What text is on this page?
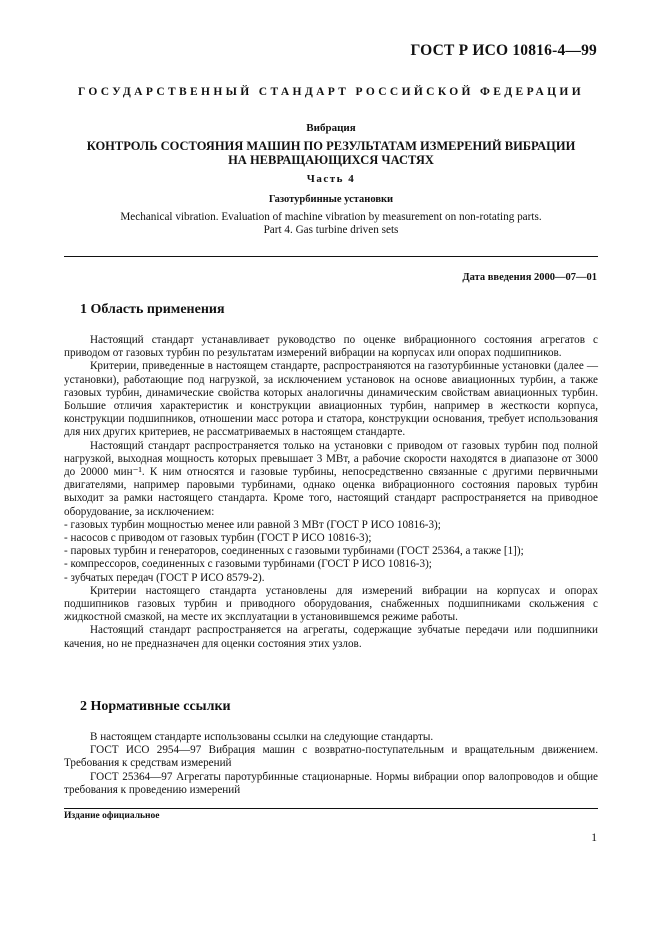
ГОСТ Р ИСО 10816-4—99
ГОСУДАРСТВЕННЫЙ СТАНДАРТ РОССИЙСКОЙ ФЕДЕРАЦИИ
Вибрация
КОНТРОЛЬ СОСТОЯНИЯ МАШИН ПО РЕЗУЛЬТАТАМ ИЗМЕРЕНИЙ ВИБРАЦИИ
НА НЕВРАЩАЮЩИХСЯ ЧАСТЯХ
Часть 4
Газотурбинные установки
Mechanical vibration. Evaluation of machine vibration by measurement on non-rotating parts.
Part 4. Gas turbine driven sets
Дата введения 2000—07—01
1 Область применения

Настоящий стандарт устанавливает руководство по оценке вибрационного состояния агрегатов с приводом от газовых турбин по результатам измерений вибрации на корпусах или опорах подшипников.

Критерии, приведенные в настоящем стандарте, распространяются на газотурбинные установки (далее — установки), работающие под нагрузкой, за исключением установок на основе авиационных турбин, а также газовых турбин, динамические свойства которых аналогичны динамическим свойствам авиационных турбин. Большие отличия характеристик и конструкции авиационных турбин, например в жесткости корпуса, конструкции подшипников, отношении масс ротора и статора, конструкции основания, требует использования для них других критериев, не рассматриваемых в настоящем стандарте.

Настоящий стандарт распространяется только на установки с приводом от газовых турбин под полной нагрузкой, выходная мощность которых превышает 3 МВт, а рабочие скорости находятся в диапазоне от 3000 до 20000 мин⁻¹. К ним относятся и газовые турбины, непосредственно связанные с другими первичными двигателями, например паровыми турбинами, однако оценка вибрационного состояния паровых турбин выходит за рамки настоящего стандарта. Кроме того, настоящий стандарт распространяется на приводное оборудование, за исключением:

- газовых турбин мощностью менее или равной 3 МВт (ГОСТ Р ИСО 10816-3);

- насосов с приводом от газовых турбин (ГОСТ Р ИСО 10816-3);

- паровых турбин и генераторов, соединенных с газовыми турбинами (ГОСТ 25364, а также [1]);

- компрессоров, соединенных с газовыми турбинами (ГОСТ Р ИСО 10816-3);

- зубчатых передач (ГОСТ Р ИСО 8579-2).

Критерии настоящего стандарта установлены для измерений вибрации на корпусах и опорах подшипников газовых турбин и приводного оборудования, снабженных подшипниками скольжения с жидкостной смазкой, на месте их эксплуатации в установившемся режиме работы.

Настоящий стандарт распространяется на агрегаты, содержащие зубчатые передачи или подшипники качения, но не предназначен для оценки состояния этих узлов.

2 Нормативные ссылки

В настоящем стандарте использованы ссылки на следующие стандарты.

ГОСТ ИСО 2954—97 Вибрация машин с возвратно-поступательным и вращательным движением. Требования к средствам измерений

ГОСТ 25364—97 Агрегаты паротурбинные стационарные. Нормы вибрации опор валопроводов и общие требования к проведению измерений

Издание официальное
1
